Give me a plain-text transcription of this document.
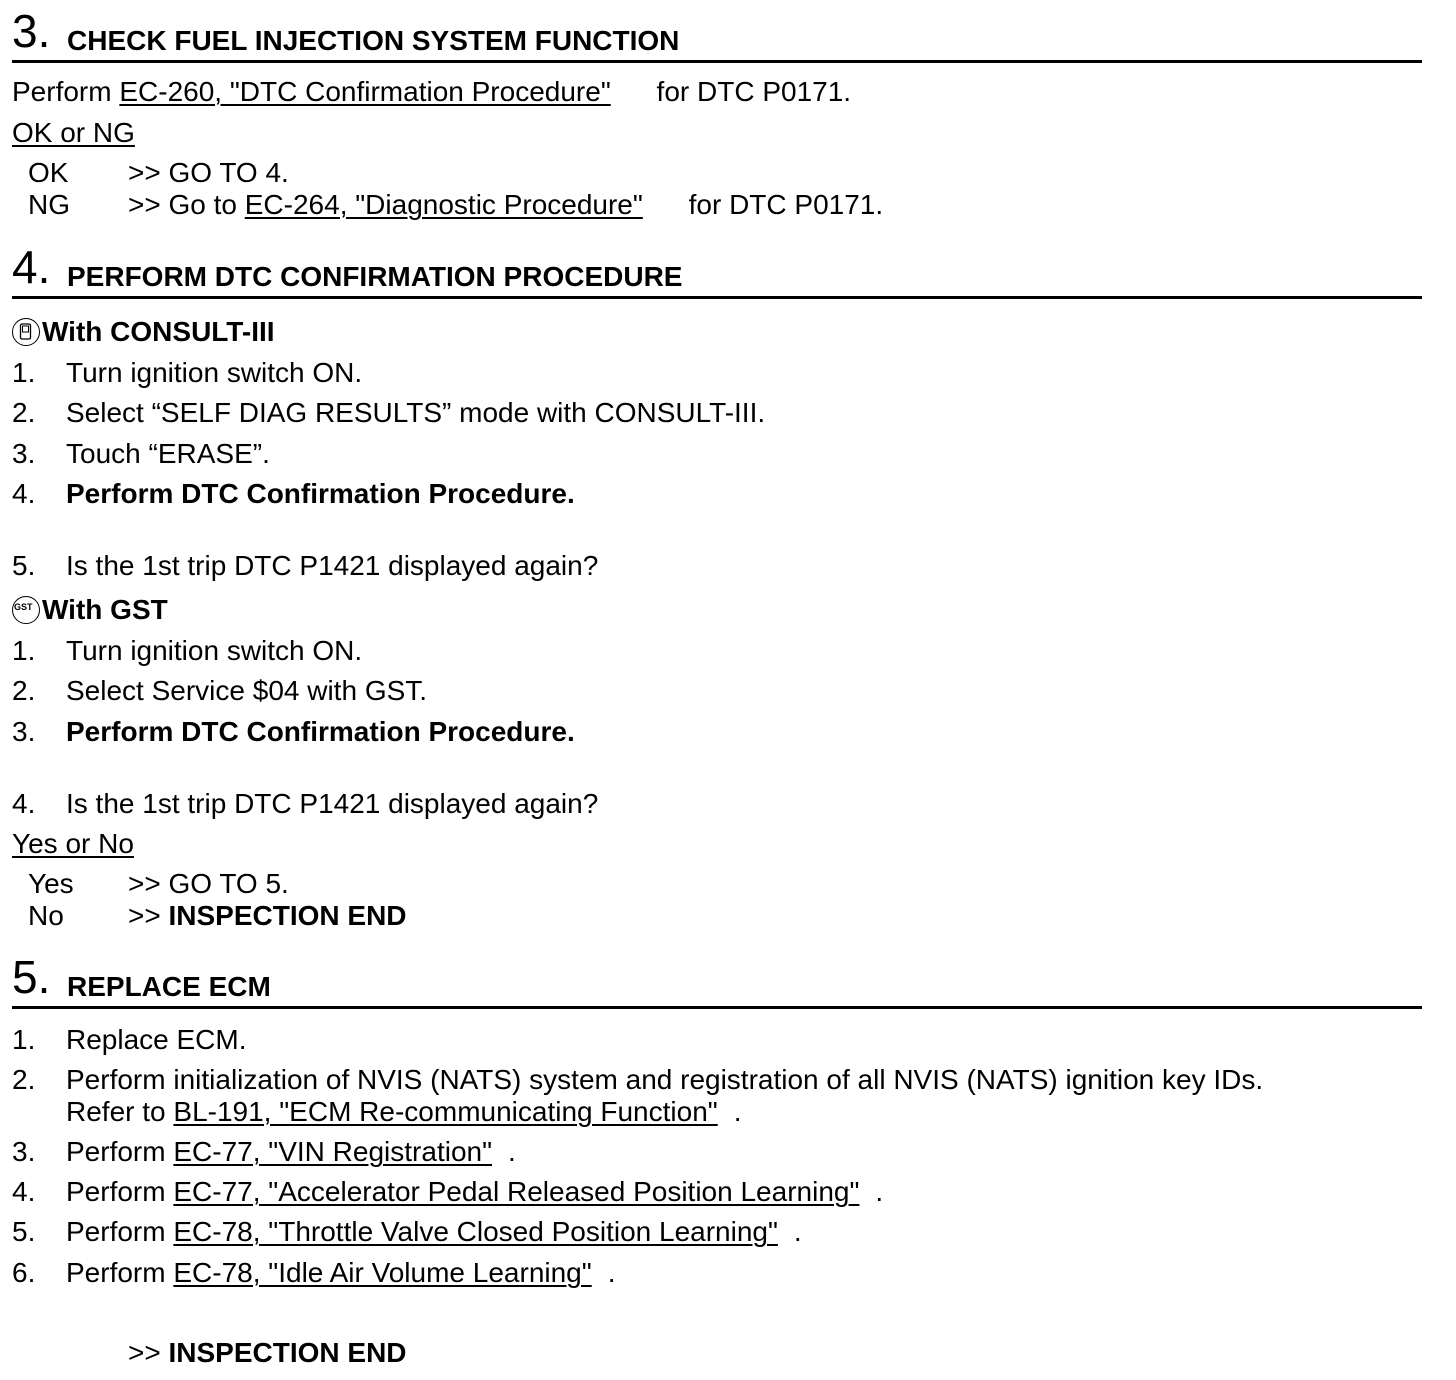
3. CHECK FUEL INJECTION SYSTEM FUNCTION
Perform EC-260, "DTC Confirmation Procedure" for DTC P0171.
OK or NG
OK >> GO TO 4.
NG >> Go to EC-264, "Diagnostic Procedure" for DTC P0171.
4. PERFORM DTC CONFIRMATION PROCEDURE
With CONSULT-III
1. Turn ignition switch ON.
2. Select “SELF DIAG RESULTS” mode with CONSULT-III.
3. Touch “ERASE”.
4. Perform DTC Confirmation Procedure.
5. Is the 1st trip DTC P1421 displayed again?
GST With GST
1. Turn ignition switch ON.
2. Select Service $04 with GST.
3. Perform DTC Confirmation Procedure.
4. Is the 1st trip DTC P1421 displayed again?
Yes or No
Yes >> GO TO 5.
No >> INSPECTION END
5. REPLACE ECM
1. Replace ECM.
2. Perform initialization of NVIS (NATS) system and registration of all NVIS (NATS) ignition key IDs.
Refer to BL-191, "ECM Re-communicating Function" .
3. Perform EC-77, "VIN Registration" .
4. Perform EC-77, "Accelerator Pedal Released Position Learning" .
5. Perform EC-78, "Throttle Valve Closed Position Learning" .
6. Perform EC-78, "Idle Air Volume Learning" .
>> INSPECTION END
